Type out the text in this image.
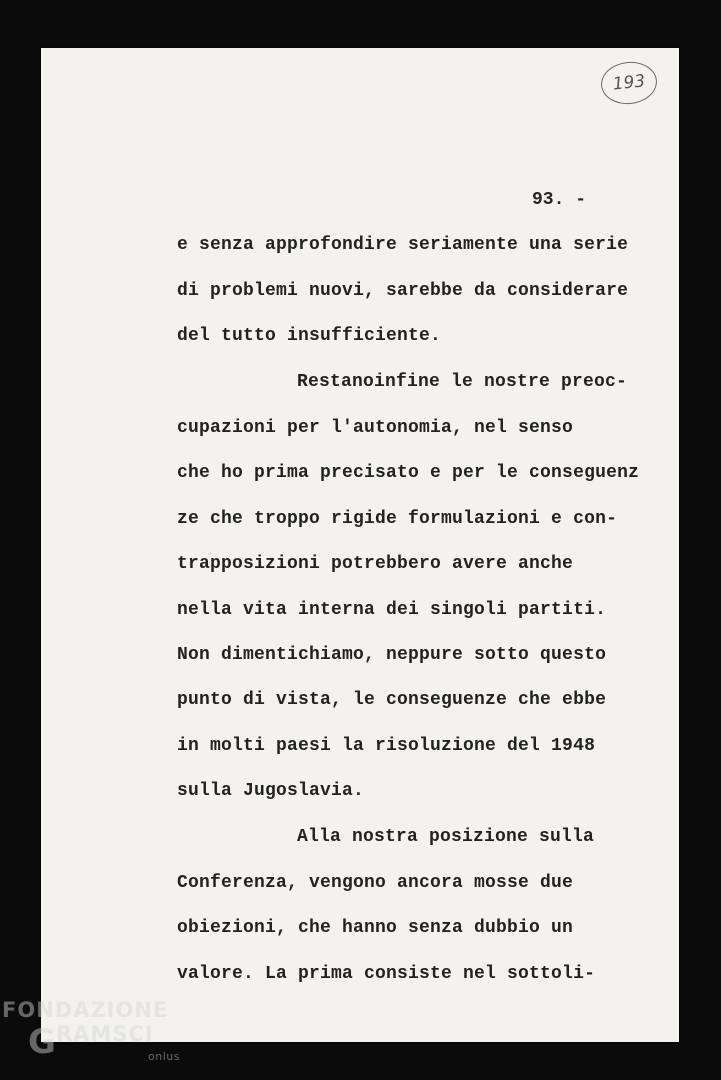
193
93. -
e senza approfondire seriamente una serie
di problemi nuovi, sarebbe da considerare
del tutto insufficiente.
Restanoinfine le nostre preoc-
cupazioni per l'autonomia, nel senso
che ho prima precisato e per le conseguenz
ze che troppo rigide formulazioni e con-
trapposizioni potrebbero avere anche
nella vita interna dei singoli partiti.
Non dimentichiamo, neppure sotto questo
punto di vista, le conseguenze che ebbe
in molti paesi la risoluzione del 1948
sulla Jugoslavia.
Alla nostra posizione sulla
Conferenza, vengono ancora mosse due
obiezioni, che hanno senza dubbio un
valore. La prima consiste nel sottoli-
FONDAZIONE
G RAMSCI
onlus
